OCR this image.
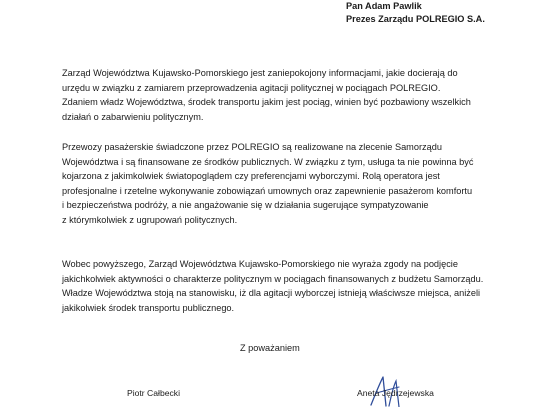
Pan Adam Pawlik
Prezes Zarządu POLREGIO S.A.
Zarząd Województwa Kujawsko-Pomorskiego jest zaniepokojony informacjami, jakie docierają do
urzędu w związku z zamiarem przeprowadzenia agitacji politycznej w pociągach POLREGIO.
Zdaniem władz Województwa, środek transportu jakim jest pociąg, winien być pozbawiony wszelkich
działań o zabarwieniu politycznym.
Przewozy pasażerskie świadczone przez POLREGIO są realizowane na zlecenie Samorządu
Województwa i są finansowane ze środków publicznych. W związku z tym, usługa ta nie powinna być
kojarzona z jakimkolwiek światopoglądem czy preferencjami wyborczymi. Rolą operatora jest
profesjonalne i rzetelne wykonywanie zobowiązań umownych oraz zapewnienie pasażerom komfortu
i bezpieczeństwa podróży, a nie angażowanie się w działania sugerujące sympatyzowanie
z którymkolwiek z ugrupowań politycznych.
Wobec powyższego, Zarząd Województwa Kujawsko-Pomorskiego nie wyraża zgody na podjęcie
jakichkolwiek aktywności o charakterze politycznym w pociągach finansowanych z budżetu Samorządu.
Władze Województwa stoją na stanowisku, iż dla agitacji wyborczej istnieją właściwsze miejsca, aniżeli
jakikolwiek środek transportu publicznego.
Z poważaniem
Piotr Całbecki	Aneta Jędrzejewska
